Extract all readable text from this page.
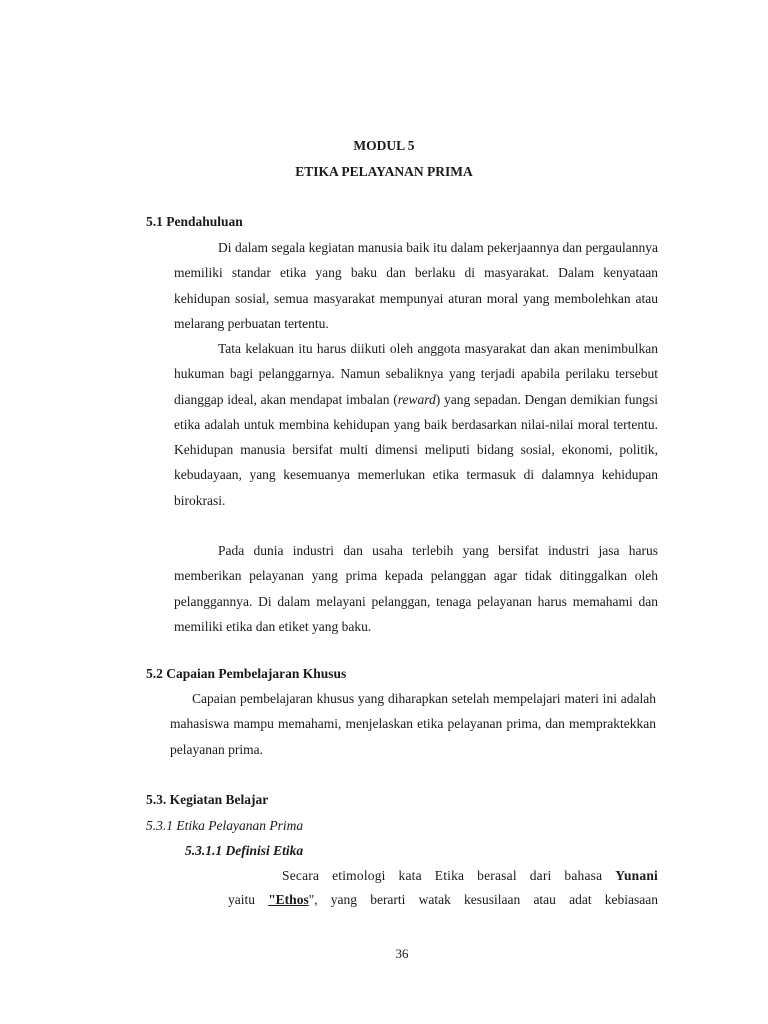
MODUL 5

ETIKA PELAYANAN PRIMA

5.1 Pendahuluan

Di dalam segala kegiatan manusia baik itu dalam pekerjaannya dan pergaulannya memiliki standar etika yang baku dan berlaku di masyarakat. Dalam kenyataan kehidupan sosial, semua masyarakat mempunyai aturan moral yang membolehkan atau melarang perbuatan tertentu.

Tata kelakuan itu harus diikuti oleh anggota masyarakat dan akan menimbulkan hukuman bagi pelanggarnya. Namun sebaliknya yang terjadi apabila perilaku tersebut dianggap ideal, akan mendapat imbalan (reward) yang sepadan. Dengan demikian fungsi etika adalah untuk membina kehidupan yang baik berdasarkan nilai-nilai moral tertentu. Kehidupan manusia bersifat multi dimensi meliputi bidang sosial, ekonomi, politik, kebudayaan, yang kesemuanya memerlukan etika termasuk di dalamnya kehidupan birokrasi.

Pada dunia industri dan usaha terlebih yang bersifat industri jasa harus memberikan pelayanan yang prima kepada pelanggan agar tidak ditinggalkan oleh pelanggannya. Di dalam melayani pelanggan, tenaga pelayanan harus memahami dan memiliki etika dan etiket yang baku.

5.2 Capaian Pembelajaran Khusus

Capaian pembelajaran khusus yang diharapkan setelah mempelajari materi ini adalah mahasiswa mampu memahami, menjelaskan etika pelayanan prima, dan mempraktekkan pelayanan prima.

5.3. Kegiatan Belajar

5.3.1 Etika Pelayanan Prima

5.3.1.1 Definisi Etika

Secara etimologi kata Etika berasal dari bahasa Yunani

yaitu "Ethos", yang berarti watak kesusilaan atau adat kebiasaan

36
